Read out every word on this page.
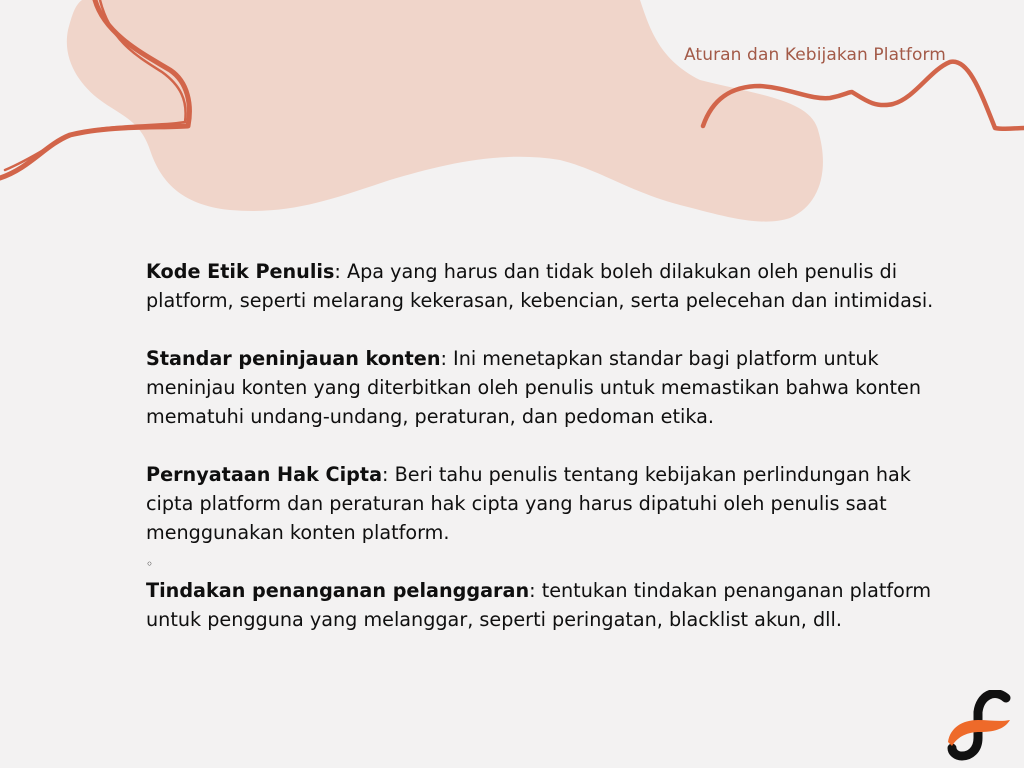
Aturan dan Kebijakan Platform
Kode Etik Penulis: Apa yang harus dan tidak boleh dilakukan oleh penulis di platform, seperti melarang kekerasan, kebencian, serta pelecehan dan intimidasi.
Standar peninjauan konten: Ini menetapkan standar bagi platform untuk meninjau konten yang diterbitkan oleh penulis untuk memastikan bahwa konten mematuhi undang-undang, peraturan, dan pedoman etika.
Pernyataan Hak Cipta: Beri tahu penulis tentang kebijakan perlindungan hak cipta platform dan peraturan hak cipta yang harus dipatuhi oleh penulis saat menggunakan konten platform.
◦
Tindakan penanganan pelanggaran: tentukan tindakan penanganan platform untuk pengguna yang melanggar, seperti peringatan, blacklist akun, dll.
